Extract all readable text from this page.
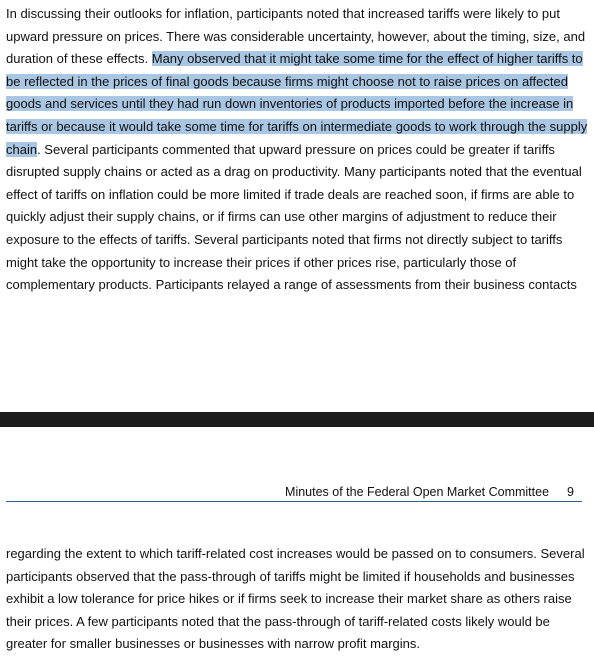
In discussing their outlooks for inflation, participants noted that increased tariffs were likely to put
upward pressure on prices. There was considerable uncertainty, however, about the timing, size, and
duration of these effects. Many observed that it might take some time for the effect of higher tariffs to
be reflected in the prices of final goods because firms might choose not to raise prices on affected
goods and services until they had run down inventories of products imported before the increase in
tariffs or because it would take some time for tariffs on intermediate goods to work through the supply
chain. Several participants commented that upward pressure on prices could be greater if tariffs
disrupted supply chains or acted as a drag on productivity. Many participants noted that the eventual
effect of tariffs on inflation could be more limited if trade deals are reached soon, if firms are able to
quickly adjust their supply chains, or if firms can use other margins of adjustment to reduce their
exposure to the effects of tariffs. Several participants noted that firms not directly subject to tariffs
might take the opportunity to increase their prices if other prices rise, particularly those of
complementary products. Participants relayed a range of assessments from their business contacts

Minutes of the Federal Open Market Committee 9

regarding the extent to which tariff-related cost increases would be passed on to consumers. Several
participants observed that the pass-through of tariffs might be limited if households and businesses
exhibit a low tolerance for price hikes or if firms seek to increase their market share as others raise
their prices. A few participants noted that the pass-through of tariff-related costs likely would be
greater for smaller businesses or businesses with narrow profit margins.
